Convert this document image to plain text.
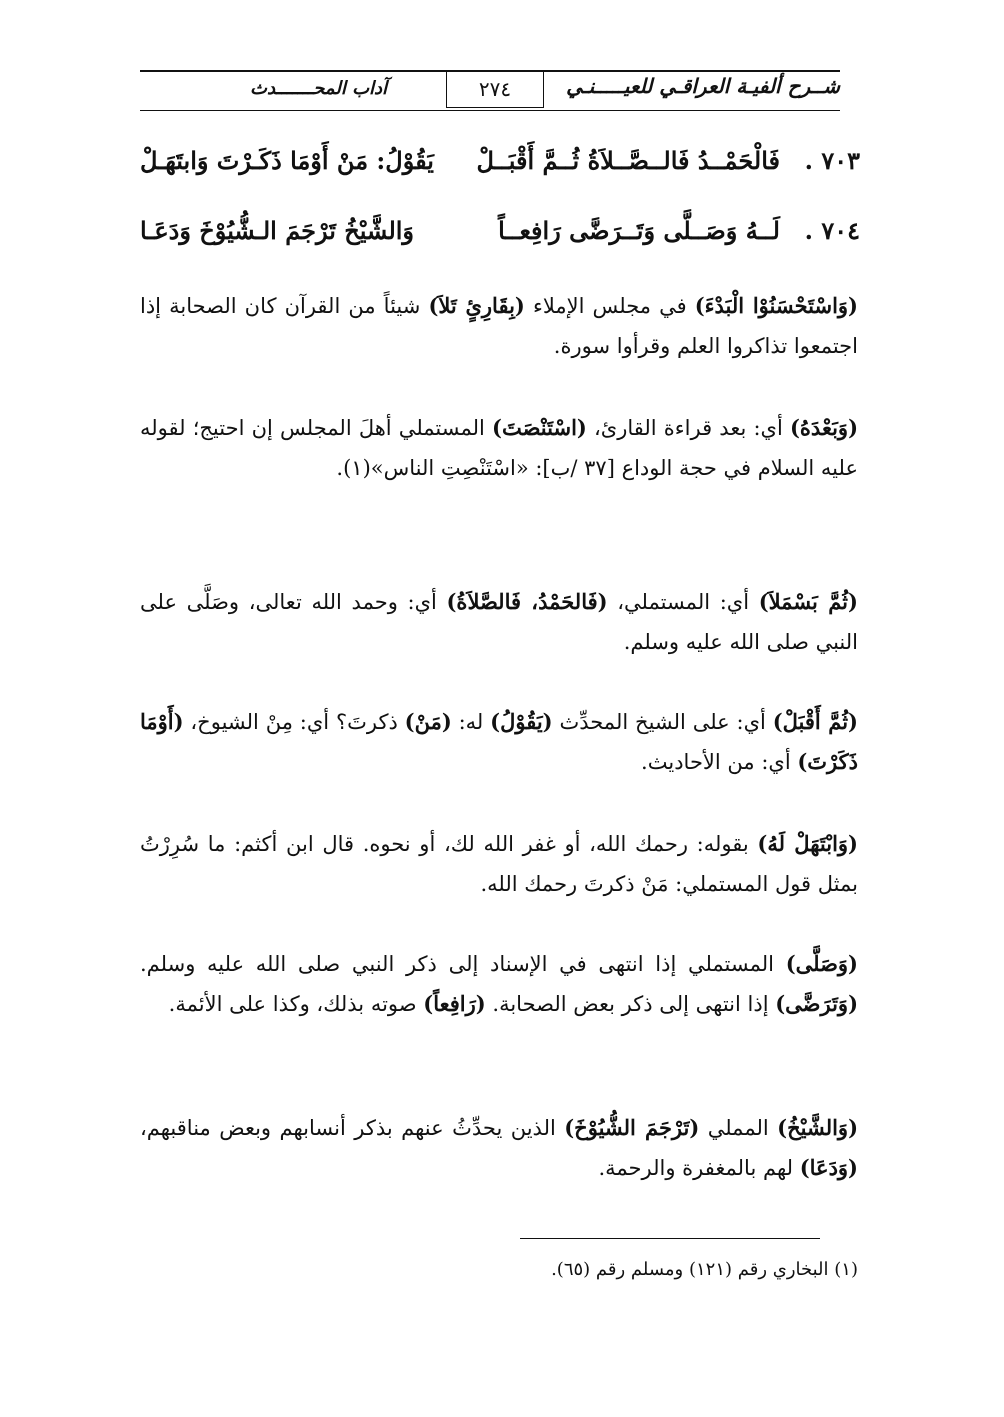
شــرح ألفيـة العراقـي للعيـــــنـي
٢٧٤
آداب المحـــــــدث
٧٠٣ .
فَالْحَمْــدُ فَالــصَّــلاَةُ ثُــمَّ أَقْبَــلْ
يَقُوْلُ: مَنْ أَوْمَا ذَكَـرْتَ وَابتَهَـلْ
٧٠٤ .
لَــهُ وَصَــلَّى وَتَــرَضَّى رَافِعــاً
وَالشَّيْخُ تَرْجَمَ الـشُّيُوْخَ وَدَعَـا
(وَاسْتَحْسَنُوْا الْبَدْءَ) في مجلس الإملاء (بِقَارِئٍ تَلاَ) شيئاً من القرآن كان الصحابة إذا اجتمعوا تذاكروا العلم وقرأوا سورة.
(وَبَعْدَهُ) أي: بعد قراءة القارئ، (اسْتَنْصَتَ) المستملي أهلَ المجلس إن احتيج؛ لقوله عليه السلام في حجة الوداع [٣٧ /ب]: «اسْتَنْصِتِ الناس»(١).
(ثُمَّ بَسْمَلاَ) أي: المستملي، (فَالحَمْدُ، فَالصَّلاَةُ) أي: وحمد الله تعالى، وصَلَّى على النبي صلى الله عليه وسلم.
(ثُمَّ أَقْبَلْ) أي: على الشيخ المحدِّث (يَقُوْلُ) له: (مَنْ) ذكرتَ؟ أي: مِنْ الشيوخ، (أَوْمَا ذَكَرْتَ) أي: من الأحاديث.
(وَابْتَهَلْ لَهُ) بقوله: رحمك الله، أو غفر الله لك، أو نحوه. قال ابن أكثم: ما سُرِرْتُ بمثل قول المستملي: مَنْ ذكرتَ رحمك الله.
(وَصَلَّى) المستملي إذا انتهى في الإسناد إلى ذكر النبي صلى الله عليه وسلم. (وَتَرَضَّى) إذا انتهى إلى ذكر بعض الصحابة. (رَافِعاً) صوته بذلك، وكذا على الأئمة.
(وَالشَّيْخُ) المملي (تَرْجَمَ الشُّيُوْخَ) الذين يحدِّثُ عنهم بذكر أنسابهم وبعض مناقبهم، (وَدَعَا) لهم بالمغفرة والرحمة.
(١) البخاري رقم (١٢١) ومسلم رقم (٦٥).
